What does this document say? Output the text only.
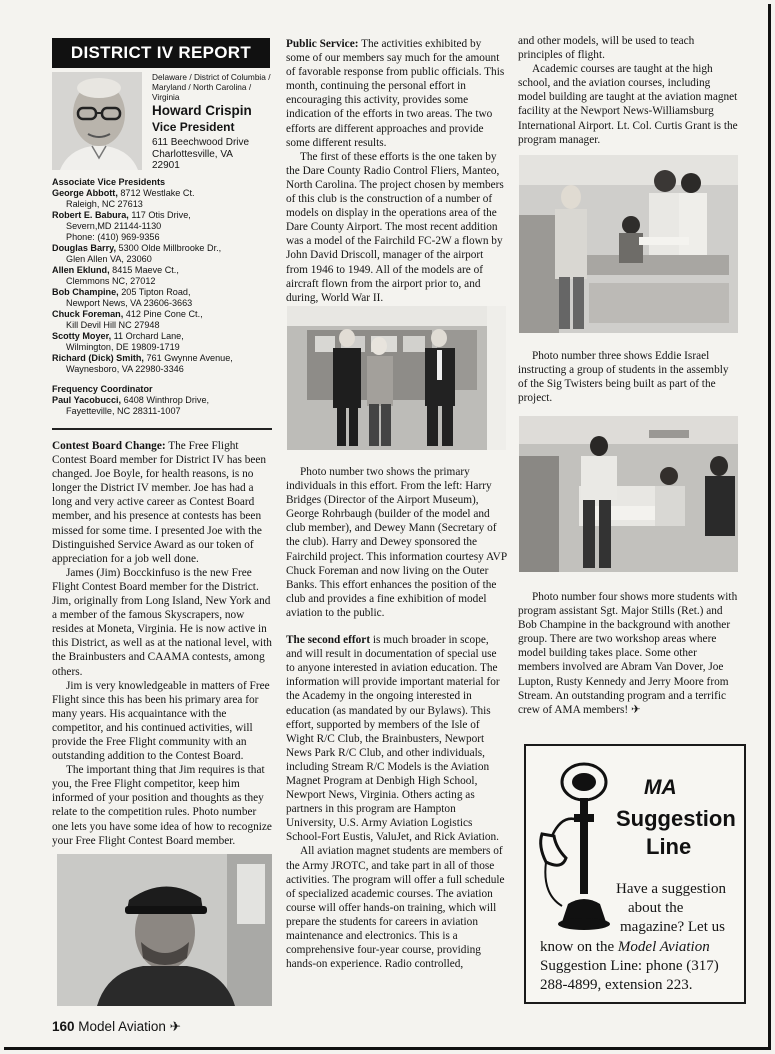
DISTRICT IV REPORT
Delaware / District of Columbia / Maryland / North Carolina / Virginia
Howard Crispin
Vice President
611 Beechwood Drive
Charlottesville, VA
22901
Associate Vice Presidents
George Abbott, 8712 Westlake Ct.
Raleigh, NC 27613
Robert E. Babura, 117 Otis Drive,
Severn,MD 21144-1130
Phone: (410) 969-9356
Douglas Barry, 5300 Olde Millbrooke Dr.,
Glen Allen VA, 23060
Allen Eklund, 8415 Maeve Ct.,
Clemmons NC, 27012
Bob Champine, 205 Tipton Road,
Newport News, VA 23606-3663
Chuck Foreman, 412 Pine Cone Ct.,
Kill Devil Hill NC 27948
Scotty Moyer, 11 Orchard Lane,
Wilmington, DE 19809-1719
Richard (Dick) Smith, 761 Gwynne Avenue,
Waynesboro, VA 22980-3346
Frequency Coordinator
Paul Yacobucci, 6408 Winthrop Drive,
Fayetteville, NC 28311-1007

Contest Board Change: The Free Flight Contest Board member for District IV has been changed. Joe Boyle, for health reasons, is no longer the District IV member. Joe has had a long and very active career as Contest Board member, and his presence at contests has been missed for some time. I presented Joe with the Distinguished Service Award as our token of appreciation for a job well done.

James (Jim) Bocckinfuso is the new Free Flight Contest Board member for the District. Jim, originally from Long Island, New York and a member of the famous Skyscrapers, now resides at Moneta, Virginia. He is now active in this District, as well as at the national level, with the Brainbusters and CAAMA contests, among others.

Jim is very knowledgeable in matters of Free Flight since this has been his primary area for many years. His acquaintance with the competitor, and his continued activities, will provide the Free Flight community with an outstanding addition to the Contest Board.

The important thing that Jim requires is that you, the Free Flight competitor, keep him informed of your position and thoughts as they relate to the competition rules. Photo number one lets you have some idea of how to recognize your Free Flight Contest Board member.

Public Service: The activities exhibited by some of our members say much for the amount of favorable response from public officials. This month, continuing the personal effort in encouraging this activity, provides some indication of the efforts in two areas. The two efforts are different approaches and provide some different results.

The first of these efforts is the one taken by the Dare County Radio Control Fliers, Manteo, North Carolina. The project chosen by members of this club is the construction of a number of models on display in the operations area of the Dare County Airport. The most recent addition was a model of the Fairchild FC-2W a flown by John David Driscoll, manager of the airport from 1946 to 1949. All of the models are of aircraft flown from the airport prior to, and during, World War II.

Photo number two shows the primary individuals in this effort. From the left: Harry Bridges (Director of the Airport Museum), George Rohrbaugh (builder of the model and club member), and Dewey Mann (Secretary of the club). Harry and Dewey sponsored the Fairchild project. This information courtesy AVP Chuck Foreman and now living on the Outer Banks. This effort enhances the position of the club and provides a fine exhibition of model aviation to the public.

The second effort is much broader in scope, and will result in documentation of special use to anyone interested in aviation education. The information will provide important material for the Academy in the ongoing interested in education (as mandated by our Bylaws). This effort, supported by members of the Isle of Wight R/C Club, the Brainbusters, Newport News Park R/C Club, and other individuals, including Stream R/C Models is the Aviation Magnet Program at Denbigh High School, Newport News, Virginia. Others acting as partners in this program are Hampton University, U.S. Army Aviation Logistics School-Fort Eustis, ValuJet, and Rick Aviation.

All aviation magnet students are members of the Army JROTC, and take part in all of those activities. The program will offer a full schedule of specialized academic courses. The aviation course will offer hands-on training, which will prepare the students for careers in aviation maintenance and electronics. This is a comprehensive four-year course, providing hands-on experience. Radio controlled,

and other models, will be used to teach principles of flight.

Academic courses are taught at the high school, and the aviation courses, including model building are taught at the aviation magnet facility at the Newport News-Williamsburg International Airport. Lt. Col. Curtis Grant is the program manager.

Photo number three shows Eddie Israel instructing a group of students in the assembly of the Sig Twisters being built as part of the project.

Photo number four shows more students with program assistant Sgt. Major Stills (Ret.) and Bob Champine in the background with another group. There are two workshop areas where model building takes place. Some other members involved are Abram Van Dover, Joe Lupton, Rusty Kennedy and Jerry Moore from Stream. An outstanding program and a terrific crew of AMA members! ✈

MA
Suggestion
Line
Have a suggestion
about the
magazine? Let us
know on the Model Aviation
Suggestion Line: phone (317)
288-4899, extension 223.
160 Model Aviation ✈
